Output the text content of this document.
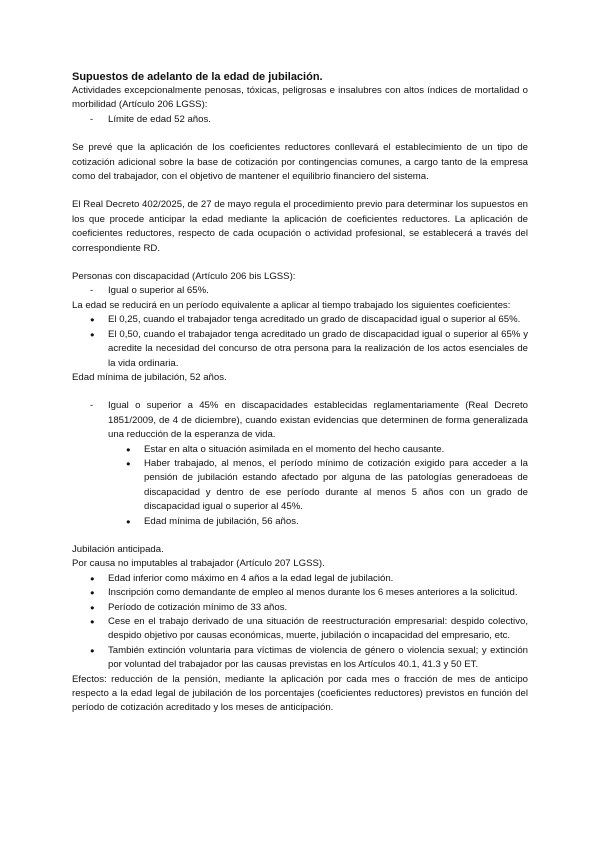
Supuestos de adelanto de la edad de jubilación.

Actividades excepcionalmente penosas, tóxicas, peligrosas e insalubres con altos índices de mortalidad o morbilidad (Artículo 206 LGSS):

- Límite de edad 52 años.

Se prevé que la aplicación de los coeficientes reductores conllevará el establecimiento de un tipo de cotización adicional sobre la base de cotización por contingencias comunes, a cargo tanto de la empresa como del trabajador, con el objetivo de mantener el equilibrio financiero del sistema.

El Real Decreto 402/2025, de 27 de mayo regula el procedimiento previo para determinar los supuestos en los que procede anticipar la edad mediante la aplicación de coeficientes reductores. La aplicación de coeficientes reductores, respecto de cada ocupación o actividad profesional, se establecerá a través del correspondiente RD.

Personas con discapacidad (Artículo 206 bis LGSS):

- Igual o superior al 65%.

La edad se reducirá en un período equivalente a aplicar al tiempo trabajado los siguientes coeficientes:

● El 0,25, cuando el trabajador tenga acreditado un grado de discapacidad igual o superior al 65%.
● El 0,50, cuando el trabajador tenga acreditado un grado de discapacidad igual o superior al 65% y acredite la necesidad del concurso de otra persona para la realización de los actos esenciales de la vida ordinaria.

Edad mínima de jubilación, 52 años.

- Igual o superior a 45% en discapacidades establecidas reglamentariamente (Real Decreto 1851/2009, de 4 de diciembre), cuando existan evidencias que determinen de forma generalizada una reducción de la esperanza de vida.
● Estar en alta o situación asimilada en el momento del hecho causante.
● Haber trabajado, al menos, el período mínimo de cotización exigido para acceder a la pensión de jubilación estando afectado por alguna de las patologías generadoeas de discapacidad y dentro de ese período durante al menos 5 años con un grado de discapacidad igual o superior al 45%.
● Edad mínima de jubilación, 56 años.

Jubilación anticipada.

Por causa no imputables al trabajador (Artículo 207 LGSS).

● Edad inferior como máximo en 4 años a la edad legal de jubilación.
● Inscripción como demandante de empleo al menos durante los 6 meses anteriores a la solicitud.
● Período de cotización mínimo de 33 años.
● Cese en el trabajo derivado de una situación de reestructuración empresarial: despido colectivo, despido objetivo por causas económicas, muerte, jubilación o incapacidad del empresario, etc.
● También extinción voluntaria para víctimas de violencia de género o violencia sexual; y extinción por voluntad del trabajador por las causas previstas en los Artículos 40.1, 41.3 y 50 ET.

Efectos: reducción de la pensión, mediante la aplicación por cada mes o fracción de mes de anticipo respecto a la edad legal de jubilación de los porcentajes (coeficientes reductores) previstos en función del período de cotización acreditado y los meses de anticipación.
